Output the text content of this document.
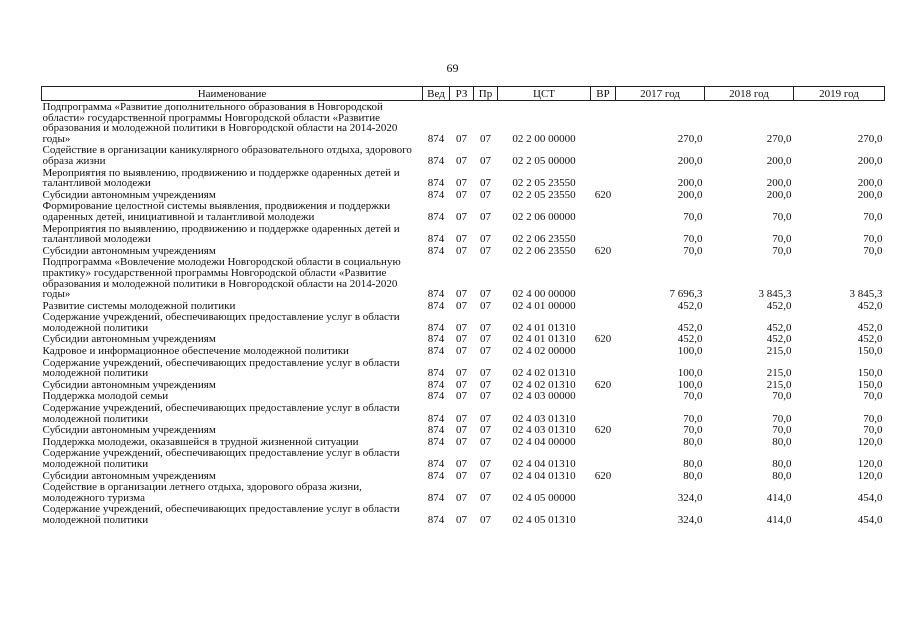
69
Наименование	Вед	РЗ	Пр	ЦСТ	ВР	2017 год	2018 год	2019 год
Подпрограмма «Развитие дополнительного образования в Новгородской области» государственной программы Новгородской области «Развитие образования и молодежной политики в Новгородской области на 2014-2020 годы»	874	07	07	02 2 00 00000		270,0	270,0	270,0
Содействие в организации каникулярного образовательного отдыха, здорового образа жизни	874	07	07	02 2 05 00000		200,0	200,0	200,0
Мероприятия по выявлению, продвижению и поддержке одаренных детей и талантливой молодежи	874	07	07	02 2 05 23550		200,0	200,0	200,0
Субсидии автономным учреждениям	874	07	07	02 2 05 23550	620	200,0	200,0	200,0
Формирование целостной системы выявления, продвижения и поддержки одаренных детей, инициативной и талантливой молодежи	874	07	07	02 2 06 00000		70,0	70,0	70,0
Мероприятия по выявлению, продвижению и поддержке одаренных детей и талантливой молодежи	874	07	07	02 2 06 23550		70,0	70,0	70,0
Субсидии автономным учреждениям	874	07	07	02 2 06 23550	620	70,0	70,0	70,0
Подпрограмма «Вовлечение молодежи Новгородской области в социальную практику» государственной программы Новгородской области «Развитие образования и молодежной политики в Новгородской области на 2014-2020 годы»	874	07	07	02 4 00 00000		7 696,3	3 845,3	3 845,3
Развитие системы молодежной политики	874	07	07	02 4 01 00000		452,0	452,0	452,0
Содержание учреждений, обеспечивающих предоставление услуг в области молодежной политики	874	07	07	02 4 01 01310		452,0	452,0	452,0
Субсидии автономным учреждениям	874	07	07	02 4 01 01310	620	452,0	452,0	452,0
Кадровое и информационное обеспечение молодежной политики	874	07	07	02 4 02 00000		100,0	215,0	150,0
Содержание учреждений, обеспечивающих предоставление услуг в области молодежной политики	874	07	07	02 4 02 01310		100,0	215,0	150,0
Субсидии автономным учреждениям	874	07	07	02 4 02 01310	620	100,0	215,0	150,0
Поддержка молодой семьи	874	07	07	02 4 03 00000		70,0	70,0	70,0
Содержание учреждений, обеспечивающих предоставление услуг в области молодежной политики	874	07	07	02 4 03 01310		70,0	70,0	70,0
Субсидии автономным учреждениям	874	07	07	02 4 03 01310	620	70,0	70,0	70,0
Поддержка молодежи, оказавшейся в трудной жизненной ситуации	874	07	07	02 4 04 00000		80,0	80,0	120,0
Содержание учреждений, обеспечивающих предоставление услуг в области молодежной политики	874	07	07	02 4 04 01310		80,0	80,0	120,0
Субсидии автономным учреждениям	874	07	07	02 4 04 01310	620	80,0	80,0	120,0
Содействие в организации летнего отдыха, здорового образа жизни, молодежного туризма	874	07	07	02 4 05 00000		324,0	414,0	454,0
Содержание учреждений, обеспечивающих предоставление услуг в области молодежной политики	874	07	07	02 4 05 01310		324,0	414,0	454,0
